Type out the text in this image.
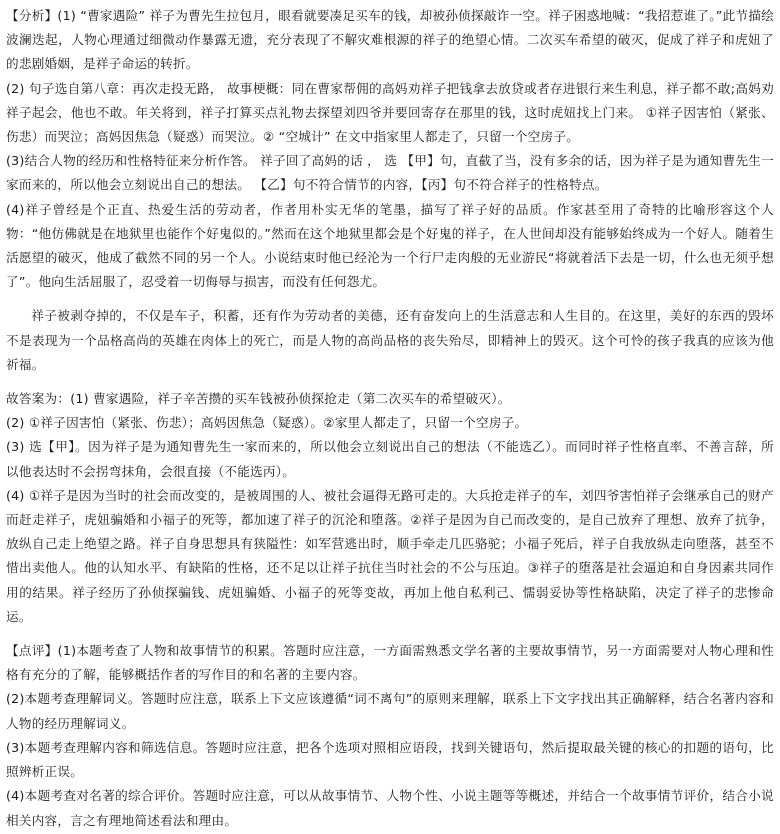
【分析】(1) “曹家遇险” 祥子为曹先生拉包月，眼看就要凑足买车的钱，却被孙侦探敲诈一空。祥子困惑地喊：“我招惹谁了。”此节描绘波澜迭起，人物心理通过细微动作暴露无遗，充分表现了不解灾难根源的祥子的绝望心情。二次买车希望的破灭，促成了祥子和虎妞了的悲剧婚姻，是祥子命运的转折。

(2) 句子选自第八章：再次走投无路， 故事梗概：同在曹家帮佣的高妈劝祥子把钱拿去放贷或者存进银行来生利息，祥子都不敢;高妈劝祥子起会，他也不敢。年关将到，祥子打算买点礼物去探望刘四爷并要回寄存在那里的钱，这时虎妞找上门来。 ①祥子因害怕（紧张、伤悲）而哭泣；高妈因焦急（疑惑）而哭泣。② “空城计” 在文中指家里人都走了，只留一个空房子。

(3)结合人物的经历和性格特征来分析作答。 祥子回了高妈的话 ， 选 【甲】句，直截了当，没有多余的话，因为祥子是为通知曹先生一家而来的，所以他会立刻说出自己的想法。 【乙】句不符合情节的内容，【丙】句不符合祥子的性格特点。

(4)祥子曾经是个正直、热爱生活的劳动者，作者用朴实无华的笔墨，描写了祥子好的品质。作家甚至用了奇特的比喻形容这个人物：“他仿佛就是在地狱里也能作个好鬼似的。”然而在这个地狱里都会是个好鬼的祥子，在人世间却没有能够始终成为一个好人。随着生活愿望的破灭，他成了截然不同的另一个人。小说结束时他已经沦为一个行尸走肉般的无业游民“将就着活下去是一切，什么也无须乎想了”。他向生活屈服了，忍受着一切侮辱与损害，而没有任何怨尤。

祥子被剥夺掉的，不仅是车子，积蓄，还有作为劳动者的美德，还有奋发向上的生活意志和人生目的。在这里，美好的东西的毁坏不是表现为一个品格高尚的英雄在肉体上的死亡，而是人物的高尚品格的丧失殆尽，即精神上的毁灭。这个可怜的孩子我真的应该为他祈福。

故答案为：(1) 曹家遇险，祥子辛苦攒的买车钱被孙侦探抢走（第二次买车的希望破灭）。

(2) ①祥子因害怕（紧张、伤悲）；高妈因焦急（疑惑）。②家里人都走了，只留一个空房子。

(3) 选【甲】。因为祥子是为通知曹先生一家而来的，所以他会立刻说出自己的想法（不能选乙）。而同时祥子性格直率、不善言辞，所以他表达时不会拐弯抹角，会很直接（不能选丙）。

(4) ①祥子是因为当时的社会而改变的，是被周围的人、被社会逼得无路可走的。大兵抢走祥子的车，刘四爷害怕祥子会继承自己的财产而赶走祥子，虎妞骗婚和小福子的死等，都加速了祥子的沉沦和堕落。②祥子是因为自己而改变的，是自己放弃了理想、放弃了抗争，放纵自己走上绝望之路。祥子自身思想具有狭隘性：如军营逃出时，顺手牵走几匹骆驼；小福子死后，祥子自我放纵走向堕落，甚至不惜出卖他人。他的认知水平、有缺陷的性格，还不足以让祥子抗住当时社会的不公与压迫。③祥子的堕落是社会逼迫和自身因素共同作用的结果。祥子经历了孙侦探骗钱、虎妞骗婚、小福子的死等变故，再加上他自私利己、懦弱妥协等性格缺陷，决定了祥子的悲惨命运。

【点评】(1)本题考查了人物和故事情节的积累。答题时应注意，一方面需熟悉文学名著的主要故事情节，另一方面需要对人物心理和性格有充分的了解，能够概括作者的写作目的和名著的主要内容。

(2)本题考查理解词义。答题时应注意，联系上下文应该遵循“词不离句”的原则来理解，联系上下文字找出其正确解释，结合名著内容和人物的经历理解词义。

(3)本题考查理解内容和筛选信息。答题时应注意，把各个选项对照相应语段，找到关键语句，然后提取最关键的核心的扣题的语句，比照辨析正误。

(4)本题考查对名著的综合评价。答题时应注意，可以从故事情节、人物个性、小说主题等等概述，并结合一个故事情节评价，结合小说相关内容，言之有理地简述看法和理由。
